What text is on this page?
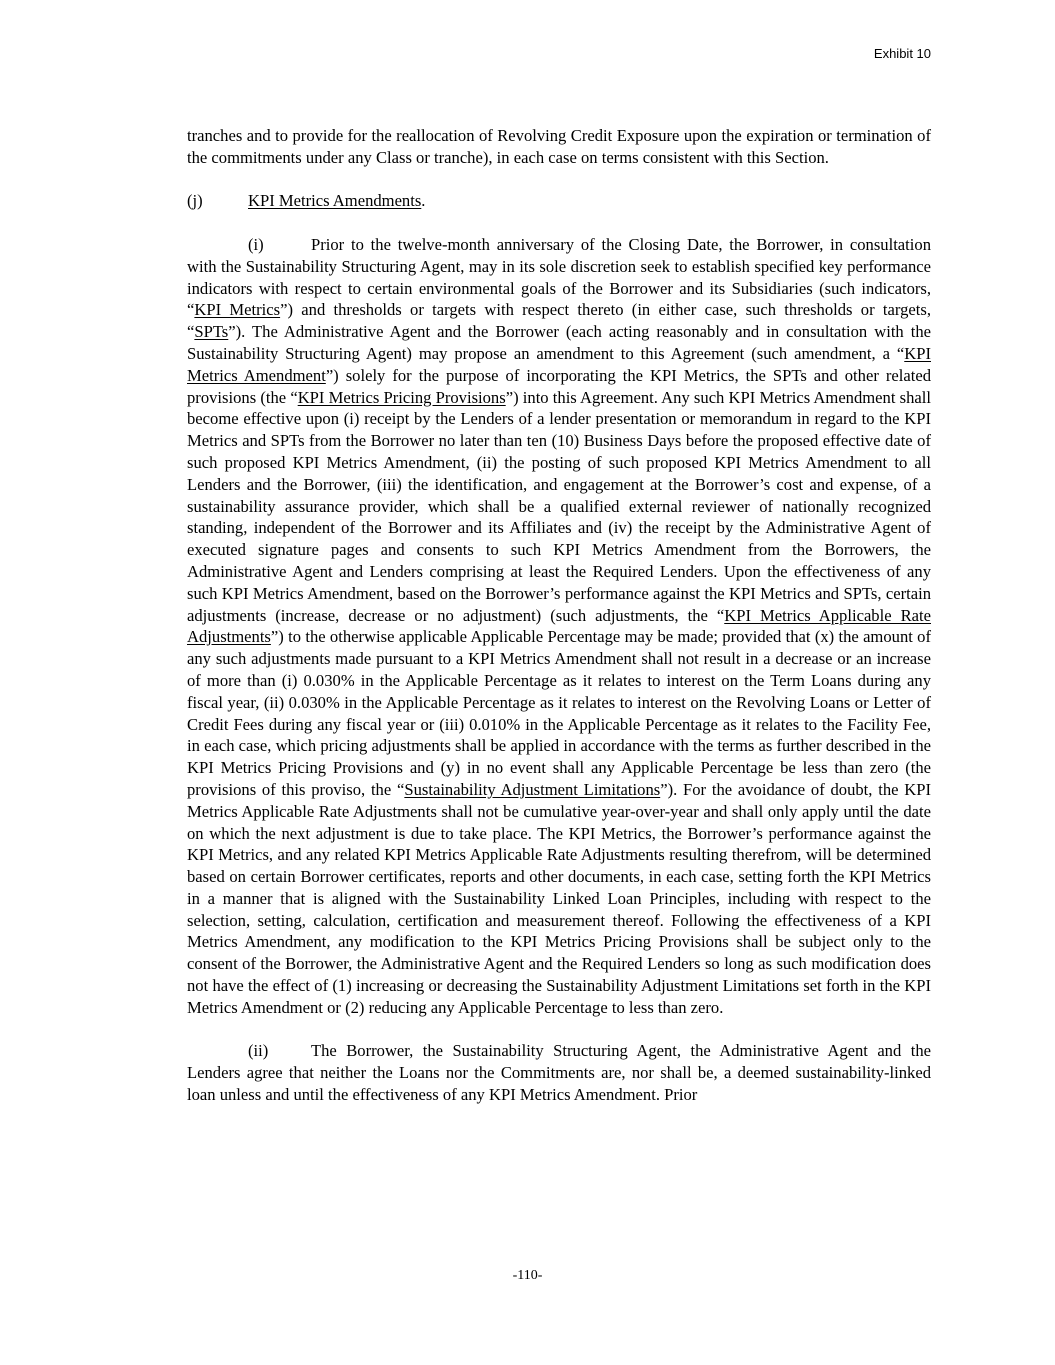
Exhibit 10

tranches and to provide for the reallocation of Revolving Credit Exposure upon the expiration or termination of the commitments under any Class or tranche), in each case on terms consistent with this Section.

(j)	KPI Metrics Amendments.

(i)	Prior to the twelve-month anniversary of the Closing Date, the Borrower, in consultation with the Sustainability Structuring Agent, may in its sole discretion seek to establish specified key performance indicators with respect to certain environmental goals of the Borrower and its Subsidiaries (such indicators, “KPI Metrics”) and thresholds or targets with respect thereto (in either case, such thresholds or targets, “SPTs”). The Administrative Agent and the Borrower (each acting reasonably and in consultation with the Sustainability Structuring Agent) may propose an amendment to this Agreement (such amendment, a “KPI Metrics Amendment”) solely for the purpose of incorporating the KPI Metrics, the SPTs and other related provisions (the “KPI Metrics Pricing Provisions”) into this Agreement. Any such KPI Metrics Amendment shall become effective upon (i) receipt by the Lenders of a lender presentation or memorandum in regard to the KPI Metrics and SPTs from the Borrower no later than ten (10) Business Days before the proposed effective date of such proposed KPI Metrics Amendment, (ii) the posting of such proposed KPI Metrics Amendment to all Lenders and the Borrower, (iii) the identification, and engagement at the Borrower’s cost and expense, of a sustainability assurance provider, which shall be a qualified external reviewer of nationally recognized standing, independent of the Borrower and its Affiliates and (iv) the receipt by the Administrative Agent of executed signature pages and consents to such KPI Metrics Amendment from the Borrowers, the Administrative Agent and Lenders comprising at least the Required Lenders. Upon the effectiveness of any such KPI Metrics Amendment, based on the Borrower’s performance against the KPI Metrics and SPTs, certain adjustments (increase, decrease or no adjustment) (such adjustments, the “KPI Metrics Applicable Rate Adjustments”) to the otherwise applicable Applicable Percentage may be made; provided that (x) the amount of any such adjustments made pursuant to a KPI Metrics Amendment shall not result in a decrease or an increase of more than (i) 0.030% in the Applicable Percentage as it relates to interest on the Term Loans during any fiscal year, (ii) 0.030% in the Applicable Percentage as it relates to interest on the Revolving Loans or Letter of Credit Fees during any fiscal year or (iii) 0.010% in the Applicable Percentage as it relates to the Facility Fee, in each case, which pricing adjustments shall be applied in accordance with the terms as further described in the KPI Metrics Pricing Provisions and (y) in no event shall any Applicable Percentage be less than zero (the provisions of this proviso, the “Sustainability Adjustment Limitations”). For the avoidance of doubt, the KPI Metrics Applicable Rate Adjustments shall not be cumulative year-over-year and shall only apply until the date on which the next adjustment is due to take place. The KPI Metrics, the Borrower’s performance against the KPI Metrics, and any related KPI Metrics Applicable Rate Adjustments resulting therefrom, will be determined based on certain Borrower certificates, reports and other documents, in each case, setting forth the KPI Metrics in a manner that is aligned with the Sustainability Linked Loan Principles, including with respect to the selection, setting, calculation, certification and measurement thereof. Following the effectiveness of a KPI Metrics Amendment, any modification to the KPI Metrics Pricing Provisions shall be subject only to the consent of the Borrower, the Administrative Agent and the Required Lenders so long as such modification does not have the effect of (1) increasing or decreasing the Sustainability Adjustment Limitations set forth in the KPI Metrics Amendment or (2) reducing any Applicable Percentage to less than zero.

(ii)	The Borrower, the Sustainability Structuring Agent, the Administrative Agent and the Lenders agree that neither the Loans nor the Commitments are, nor shall be, a deemed sustainability-linked loan unless and until the effectiveness of any KPI Metrics Amendment. Prior

-110-
